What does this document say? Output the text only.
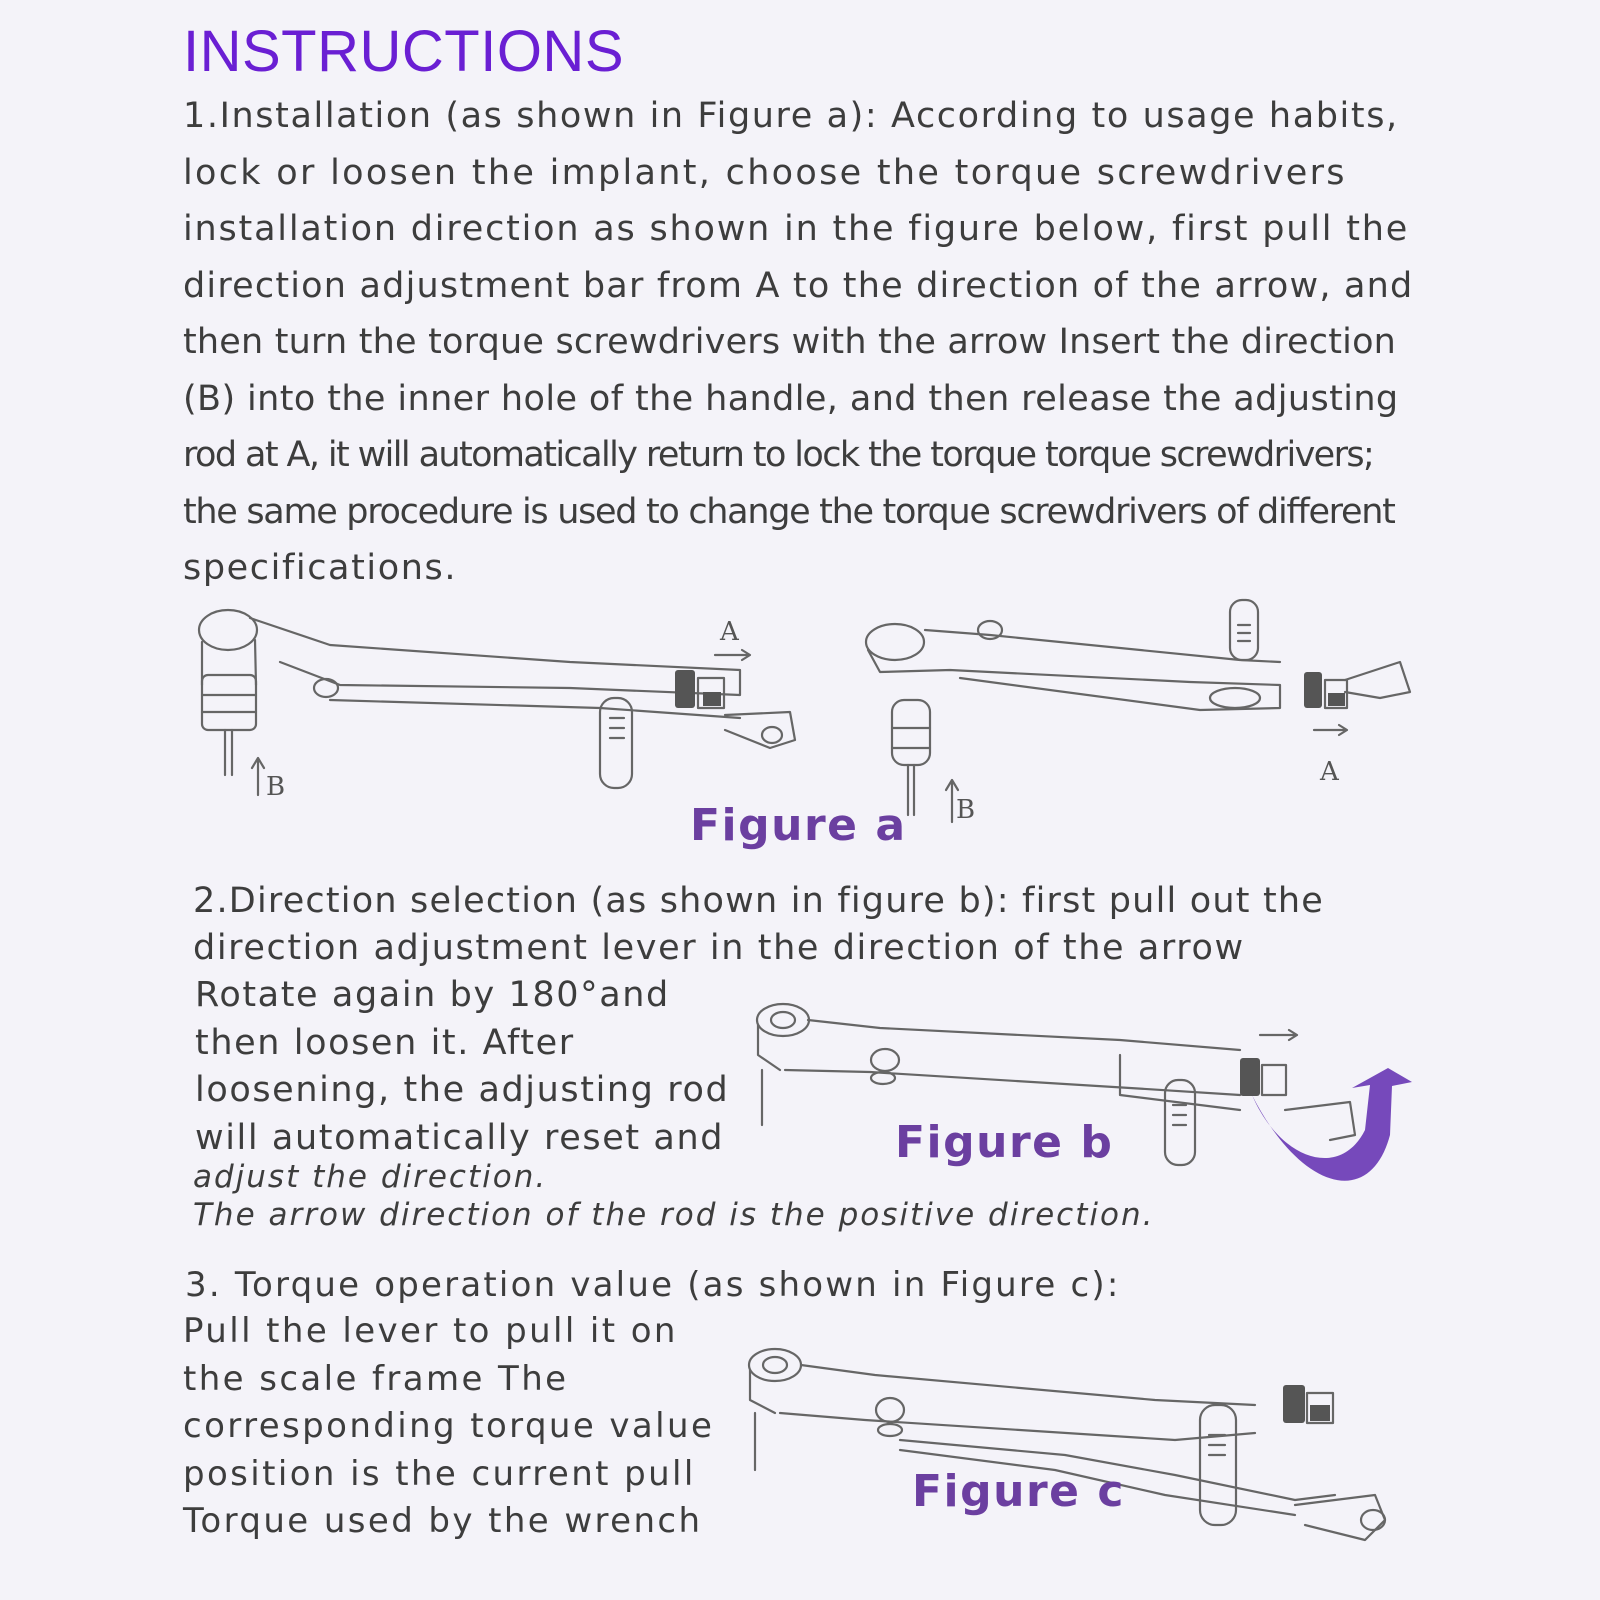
INSTRUCTIONS
1.Installation (as shown in Figure a): According to usage habits,
lock or loosen the implant, choose the torque screwdrivers
installation direction as shown in the figure below, first pull the
direction adjustment bar from A to the direction of the arrow, and
then turn the torque screwdrivers with the arrow Insert the direction
(B) into the inner hole of the handle, and then release the adjusting
rod at A, it will automatically return to lock the torque torque screwdrivers;
the same procedure is used to change the torque screwdrivers of different
specifications.
B
A
B
A
Figure a
2.Direction selection (as shown in figure b): first pull out the
direction adjustment lever in the direction of the arrow
Rotate again by 180°and
then loosen it. After
loosening, the adjusting rod
will automatically reset and
adjust the direction.
The arrow direction of the rod is the positive direction.
Figure b
3. Torque operation value (as shown in Figure c):
Pull the lever to pull it on
the scale frame The
corresponding torque value
position is the current pull
Torque used by the wrench
Figure c
